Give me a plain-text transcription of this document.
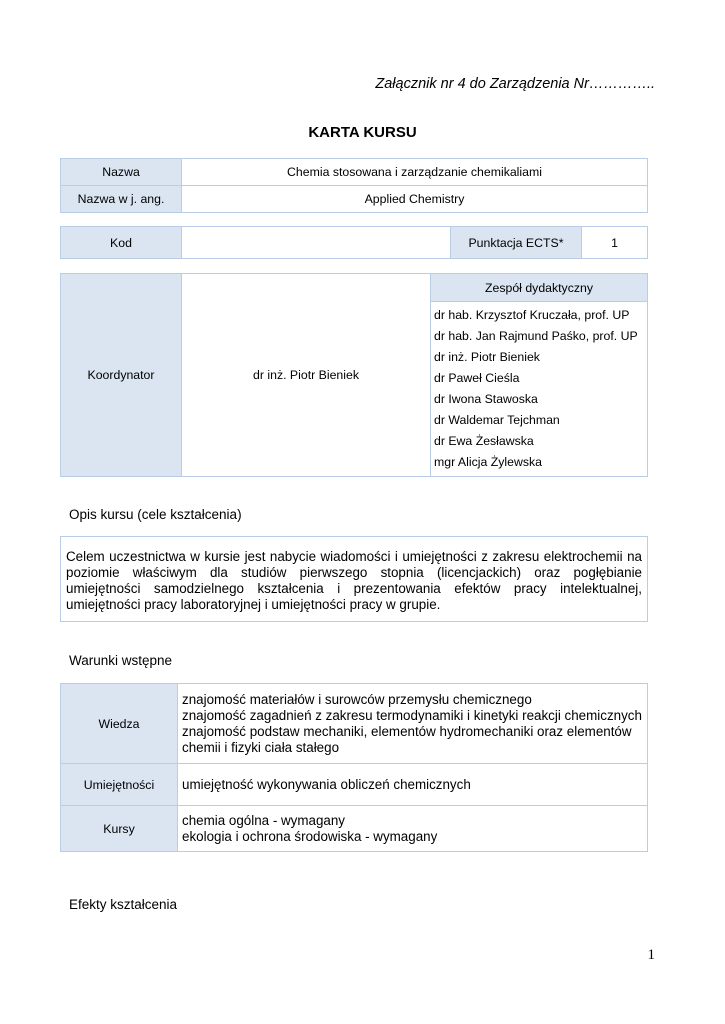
Załącznik nr 4 do Zarządzenia Nr…………..
KARTA KURSU
Nazwa	Chemia stosowana i zarządzanie chemikaliami
Nazwa w j. ang.	Applied Chemistry
Kod		Punktacja ECTS*	1
Koordynator	dr inż. Piotr Bieniek	Zespół dydaktyczny

dr hab. Krzysztof Kruczała, prof. UP
dr hab. Jan Rajmund Paśko, prof. UP
dr inż. Piotr Bieniek
dr Paweł Cieśla
dr Iwona Stawoska
dr Waldemar Tejchman
dr Ewa Żesławska
mgr Alicja Żylewska
Opis kursu (cele kształcenia)
Celem uczestnictwa w kursie jest nabycie wiadomości i umiejętności z zakresu elektrochemii na poziomie właściwym dla studiów pierwszego stopnia (licencjackich) oraz pogłębianie umiejętności samodzielnego kształcenia i prezentowania efektów pracy intelektualnej, umiejętności pracy laboratoryjnej i umiejętności pracy w grupie.
Warunki wstępne
Wiedza	znajomość materiałów i surowców przemysłu chemicznego
znajomość zagadnień z zakresu termodynamiki i kinetyki reakcji chemicznych
znajomość podstaw mechaniki, elementów hydromechaniki oraz elementów chemii i fizyki ciała stałego

Umiejętności	umiejętność wykonywania obliczeń chemicznych

Kursy	chemia ogólna - wymagany
ekologia i ochrona środowiska - wymagany
Efekty kształcenia
1
